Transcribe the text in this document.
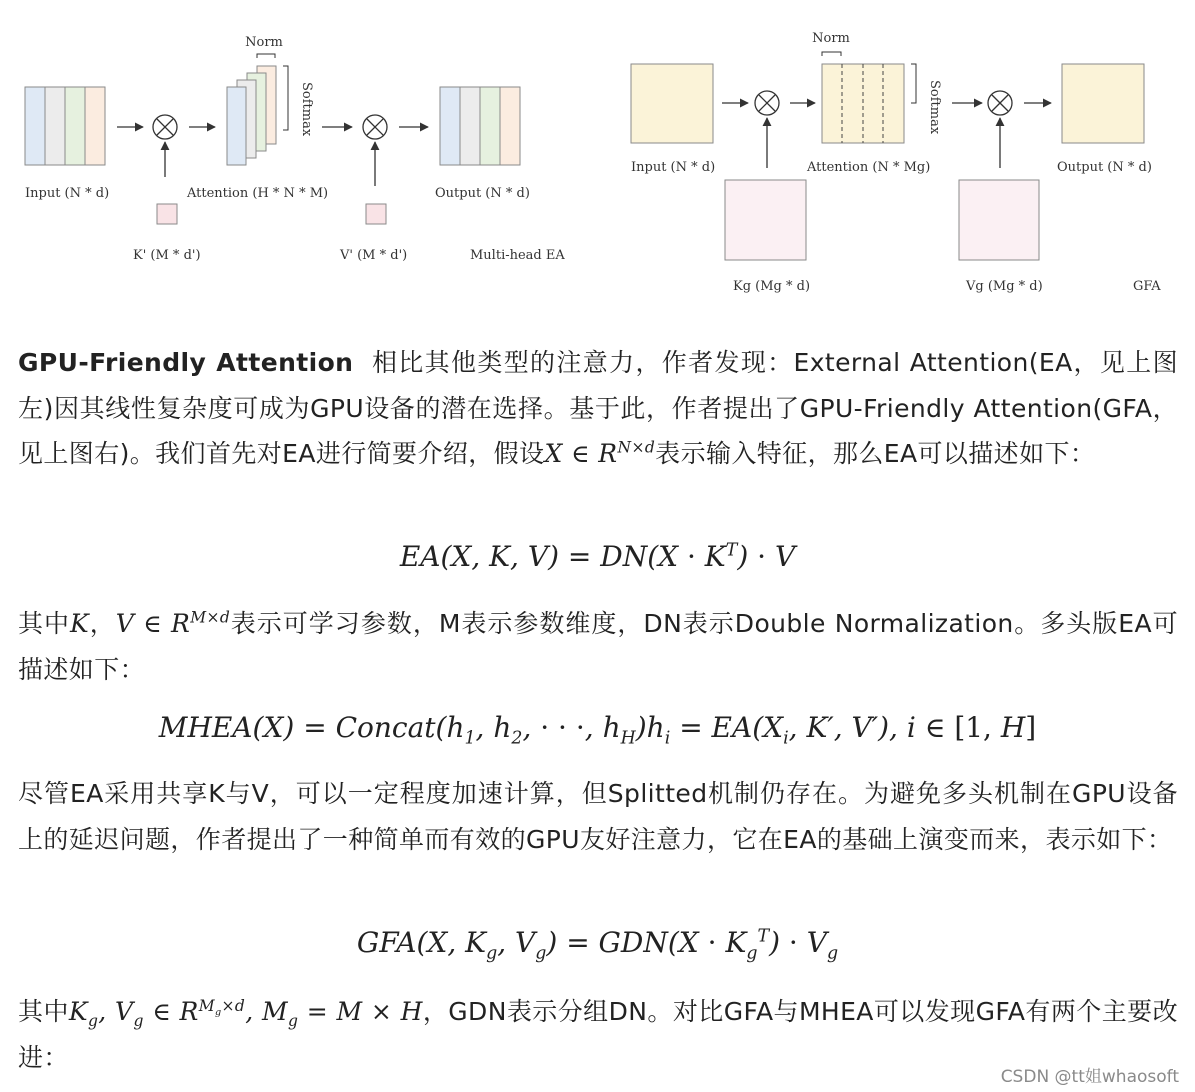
Norm
Softmax
Input (N * d)	Attention (H * N * M)	Output (N * d)
K' (M * d')	V' (M * d')	Multi-head EA
Norm
Softmax
Input (N * d)	Attention (N * Mg)	Output (N * d)
Kg (Mg * d)	Vg (Mg * d)	GFA

GPU-Friendly Attention 相比其他类型的注意力，作者发现：External Attention(EA，见上图左)因其线性复杂度可成为GPU设备的潜在选择。基于此，作者提出了GPU-Friendly Attention(GFA，见上图右)。我们首先对EA进行简要介绍，假设X ∈ $R^{N\times d}$表示输入特征，那么EA可以描述如下：

EA(X, K, $V) = DN(X \cdot K^T) \cdot V$

其中K，V ∈ $R^{M\times d}$表示可学习参数，M表示参数维度，DN表示Double Normalization。多头版EA可描述如下：

MHEA(X) = $Concat(h_1$, $h_2$, · · ·, $h_H)h_i = EA(X_i$, K′, V′), i ∈ [1, H]

尽管EA采用共享K与V，可以一定程度加速计算，但Splitted机制仍存在。为避免多头机制在GPU设备上的延迟问题，作者提出了一种简单而有效的GPU友好注意力，它在EA的基础上演变而来，表示如下：

GFA(X, $K_g$, $V_g) = GDN(X \cdot K_g^T) \cdot V_g$

其中$K_g$, $V_g$ ∈ $R^{M_g\times d}$, $M_g = M \times H$，GDN表示分组DN。对比GFA与MHEA可以发现GFA有两个主要改进：

CSDN @tt姐whaosoft
